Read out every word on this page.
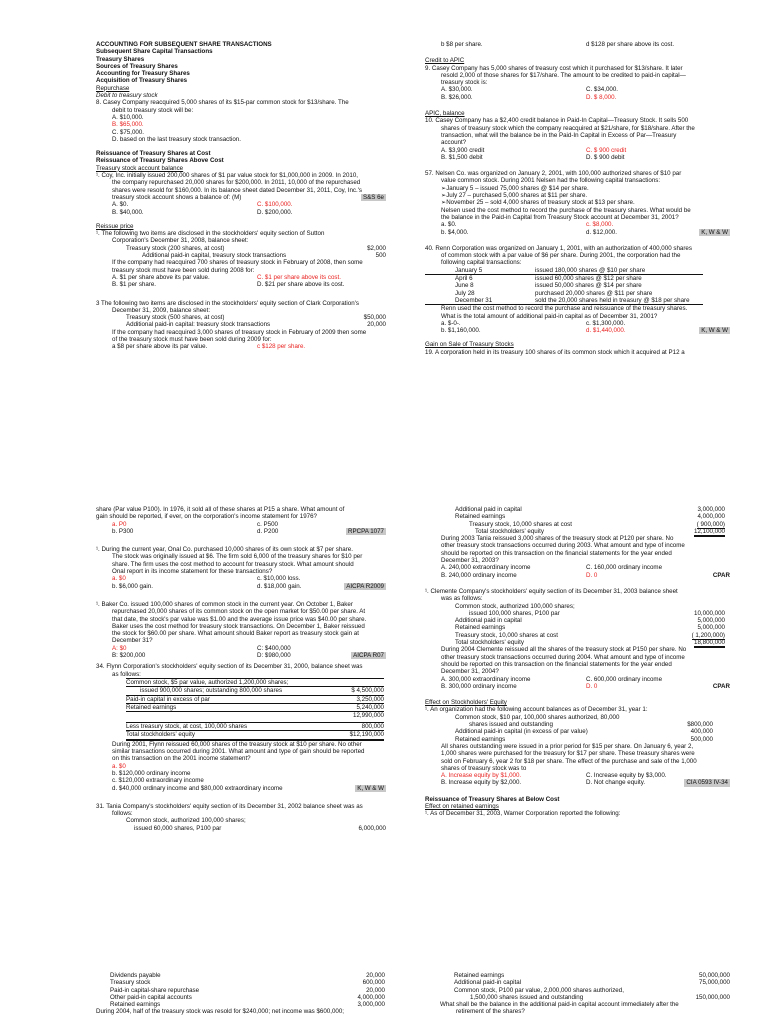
ACCOUNTING FOR SUBSEQUENT SHARE TRANSACTIONS
Subsequent Share Capital Transactions
Treasury Shares
Sources of Treasury Shares
Accounting for Treasury Shares
Acquisition of Treasury Shares
Repurchase
Debit to treasury stock
8. Casey Company reacquired 5,000 shares of its $15-par common stock for $13/share. The
debit to treasury stock will be:
A. $10,000.
B. $65,000.
C. $75,000.
D. based on the last treasury stock transaction.
Reissuance of Treasury Shares at Cost
Reissuance of Treasury Shares Above Cost
Treasury stock account balance
¹. Coy, Inc. initially issued 200,000 shares of $1 par value stock for $1,000,000 in 2009. In 2010,
the company repurchased 20,000 shares for $200,000. In 2011, 10,000 of the repurchased
shares were resold for $160,000. In its balance sheet dated December 31, 2011, Coy, Inc.'s
S&S 6e
treasury stock account shows a balance of: (M)
A. $0.	C. $100,000.
B. $40,000.	D. $200,000.
Reissue price
¹. The following two items are disclosed in the stockholders' equity section of Sutton
Corporation's December 31, 2008, balance sheet:
Treasury stock (200 shares, at cost)	$2,000
Additional paid-in capital, treasury stock transactions	500
If the company had reacquired 700 shares of treasury stock in February of 2008, then some
treasury stock must have been sold during 2008 for:
A. $1 per share above its par value.	C. $1 per share above its cost.
B. $1 per share.	D. $21 per share above its cost.
3 The following two items are disclosed in the stockholders' equity section of Clark Corporation's
December 31, 2009, balance sheet:
Treasury stock (500 shares, at cost)	$50,000
Additional paid-in capital: treasury stock transactions	20,000
If the company had reacquired 3,000 shares of treasury stock in February of 2009 then some
of the treasury stock must have been sold during 2009 for:
a $8 per share above its par value.	c $128 per share.
b $8 per share.	d $128 per share above its cost.
Credit to APIC
9. Casey Company has 5,000 shares of treasury cost which it purchased for $13/share. It later
resold 2,000 of those shares for $17/share. The amount to be credited to paid-in capital—
treasury stock is:
A. $30,000.	C. $34,000.
B. $26,000.	D. $ 8,000.
APIC, balance
10. Casey Company has a $2,400 credit balance in Paid-In Capital—Treasury Stock. It sells 500
shares of treasury stock which the company reacquired at $21/share, for $18/share. After the
transaction, what will the balance be in the Paid-In Capital in Excess of Par—Treasury
account?
A. $3,900 credit	C. $ 900 credit
B. $1,500 debit	D. $ 900 debit
57. Nelsen Co. was organized on January 2, 2001, with 100,000 authorized shares of $10 par
value common stock. During 2001 Nelsen had the following capital transactions:
➢ January 5 – issued 75,000 shares @ $14 per share.
➢ July 27 – purchased 5,000 shares at $11 per share.
➢ November 25 – sold 4,000 shares of treasury stock at $13 per share.
Nelsen used the cost method to record the purchase of the treasury shares. What would be
the balance in the Paid-in Capital from Treasury Stock account at December 31, 2001?
a. $0.	c. $8,000.
b. $4,000.	d. $12,000.	K, W & W
40. Renn Corporation was organized on January 1, 2001, with an authorization of 400,000 shares
of common stock with a par value of $6 per share. During 2001, the corporation had the
following capital transactions:
January 5	issued 180,000 shares @ $10 per share
April 6	issued 60,000 shares @ $12 per share
June 8	issued 50,000 shares @ $14 per share
July 28	purchased 20,000 shares @ $11 per share
December 31	sold the 20,000 shares held in treasury @ $18 per share
Renn used the cost method to record the purchase and reissuance of the treasury shares.
What is the total amount of additional paid-in capital as of December 31, 2001?
a. $-0-.	c. $1,300,000.
b. $1,160,000.	d. $1,440,000.	K, W & W
Gain on Sale of Treasury Stocks
19. A corporation held in its treasury 100 shares of its common stock which it acquired at P12 a
share (Par value P100). In 1976, it sold all of these shares at P15 a share. What amount of
gain should be reported, if ever, on the corporation's income statement for 1976?
a. P0	c. P500
b. P300	d. P200	RPCPA 1077
¹. During the current year, Onal Co. purchased 10,000 shares of its own stock at $7 per share.
The stock was originally issued at $6. The firm sold 6,000 of the treasury shares for $10 per
share. The firm uses the cost method to account for treasury stock. What amount should
Onal report in its income statement for these transactions?
a. $0	c. $10,000 loss.
b. $6,000 gain.	d. $18,000 gain.	AICPA R2009
¹. Baker Co. issued 100,000 shares of common stock in the current year. On October 1, Baker
repurchased 20,000 shares of its common stock on the open market for $50.00 per share. At
that date, the stock's par value was $1.00 and the average issue price was $40.00 per share.
Baker uses the cost method for treasury stock transactions. On December 1, Baker reissued
the stock for $60.00 per share. What amount should Baker report as treasury stock gain at
December 31?
A: $0	C: $400,000
B: $200,000	D: $980,000	AICPA R07
34. Flynn Corporation's stockholders' equity section of its December 31, 2000, balance sheet was
as follows:
Common stock, $5 par value, authorized 1,200,000 shares;
issued 900,000 shares; outstanding 800,000 shares	$ 4,500,000
Paid-in capital in excess of par	3,250,000
Retained earnings	5,240,000
12,990,000
Less treasury stock, at cost, 100,000 shares	800,000
Total stockholders' equity	$12,190,000
During 2001, Flynn reissued 60,000 shares of the treasury stock at $10 per share. No other
similar transactions occurred during 2001. What amount and type of gain should be reported
on this transaction on the 2001 income statement?
a. $0
b. $120,000 ordinary income
c. $120,000 extraordinary income
d. $40,000 ordinary income and $80,000 extraordinary income	K, W & W
31. Tania Company's stockholders' equity section of its December 31, 2002 balance sheet was as
follows:
Common stock, authorized 100,000 shares;
issued 60,000 shares, P100 par	6,000,000
Additional paid in capital	3,000,000
Retained earnings	4,000,000
Treasury stock, 10,000 shares at cost	( 900,000)
Total stockholders' equity	12,100,000
During 2003 Tania reissued 3,000 shares of the treasury stock at P120 per share. No
other treasury stock transactions occurred during 2003. What amount and type of income
should be reported on this transaction on the financial statements for the year ended
December 31, 2003?
A. 240,000 extraordinary income	C. 160,000 ordinary income
B. 240,000 ordinary income	D. 0	CPAR
¹. Clemente Company's stockholders' equity section of its December 31, 2003 balance sheet
was as follows:
Common stock, authorized 100,000 shares;
issued 100,000 shares, P100 par	10,000,000
Additional paid in capital	5,000,000
Retained earnings	5,000,000
Treasury stock, 10,000 shares at cost	( 1,200,000)
Total stockholders' equity	18,800,000
During 2004 Clemente reissued all the shares of the treasury stock at P150 per share. No
other treasury stock transactions occurred during 2004. What amount and type of income
should be reported on this transaction on the financial statements for the year ended
December 31, 2004?
A. 300,000 extraordinary income	C. 600,000 ordinary income
B. 300,000 ordinary income	D. 0	CPAR
Effect on Stockholders' Equity
¹. An organization had the following account balances as of December 31, year 1:
Common stock, $10 par, 100,000 shares authorized, 80,000
shares issued and outstanding	$800,000
Additional paid-in capital (in excess of par value)	400,000
Retained earnings	500,000
All shares outstanding were issued in a prior period for $15 per share. On January 6, year 2,
1,000 shares were purchased for the treasury for $17 per share. These treasury shares were
sold on February 6, year 2 for $18 per share. The effect of the purchase and sale of the 1,000
shares of treasury stock was to
A. Increase equity by $1,000.	C. Increase equity by $3,000.
B. Increase equity by $2,000.	D. Not change equity.	CIA 0593 IV-34
Reissuance of Treasury Shares at Below Cost
Effect on retained earnings
¹. As of December 31, 2003, Warner Corporation reported the following:
Dividends payable	20,000
Treasury stock	600,000
Paid-in capital-share repurchase	20,000
Other paid-in capital accounts	4,000,000
Retained earnings	3,000,000
During 2004, half of the treasury stock was resold for $240,000; net income was $600,000;
Retained earnings	50,000,000
Additional paid-in capital	75,000,000
Common stock, P100 par value, 2,000,000 shares authorized,
1,500,000 shares issued and outstanding	150,000,000
What shall be the balance in the additional paid-in capital account immediately after the
retirement of the shares?
